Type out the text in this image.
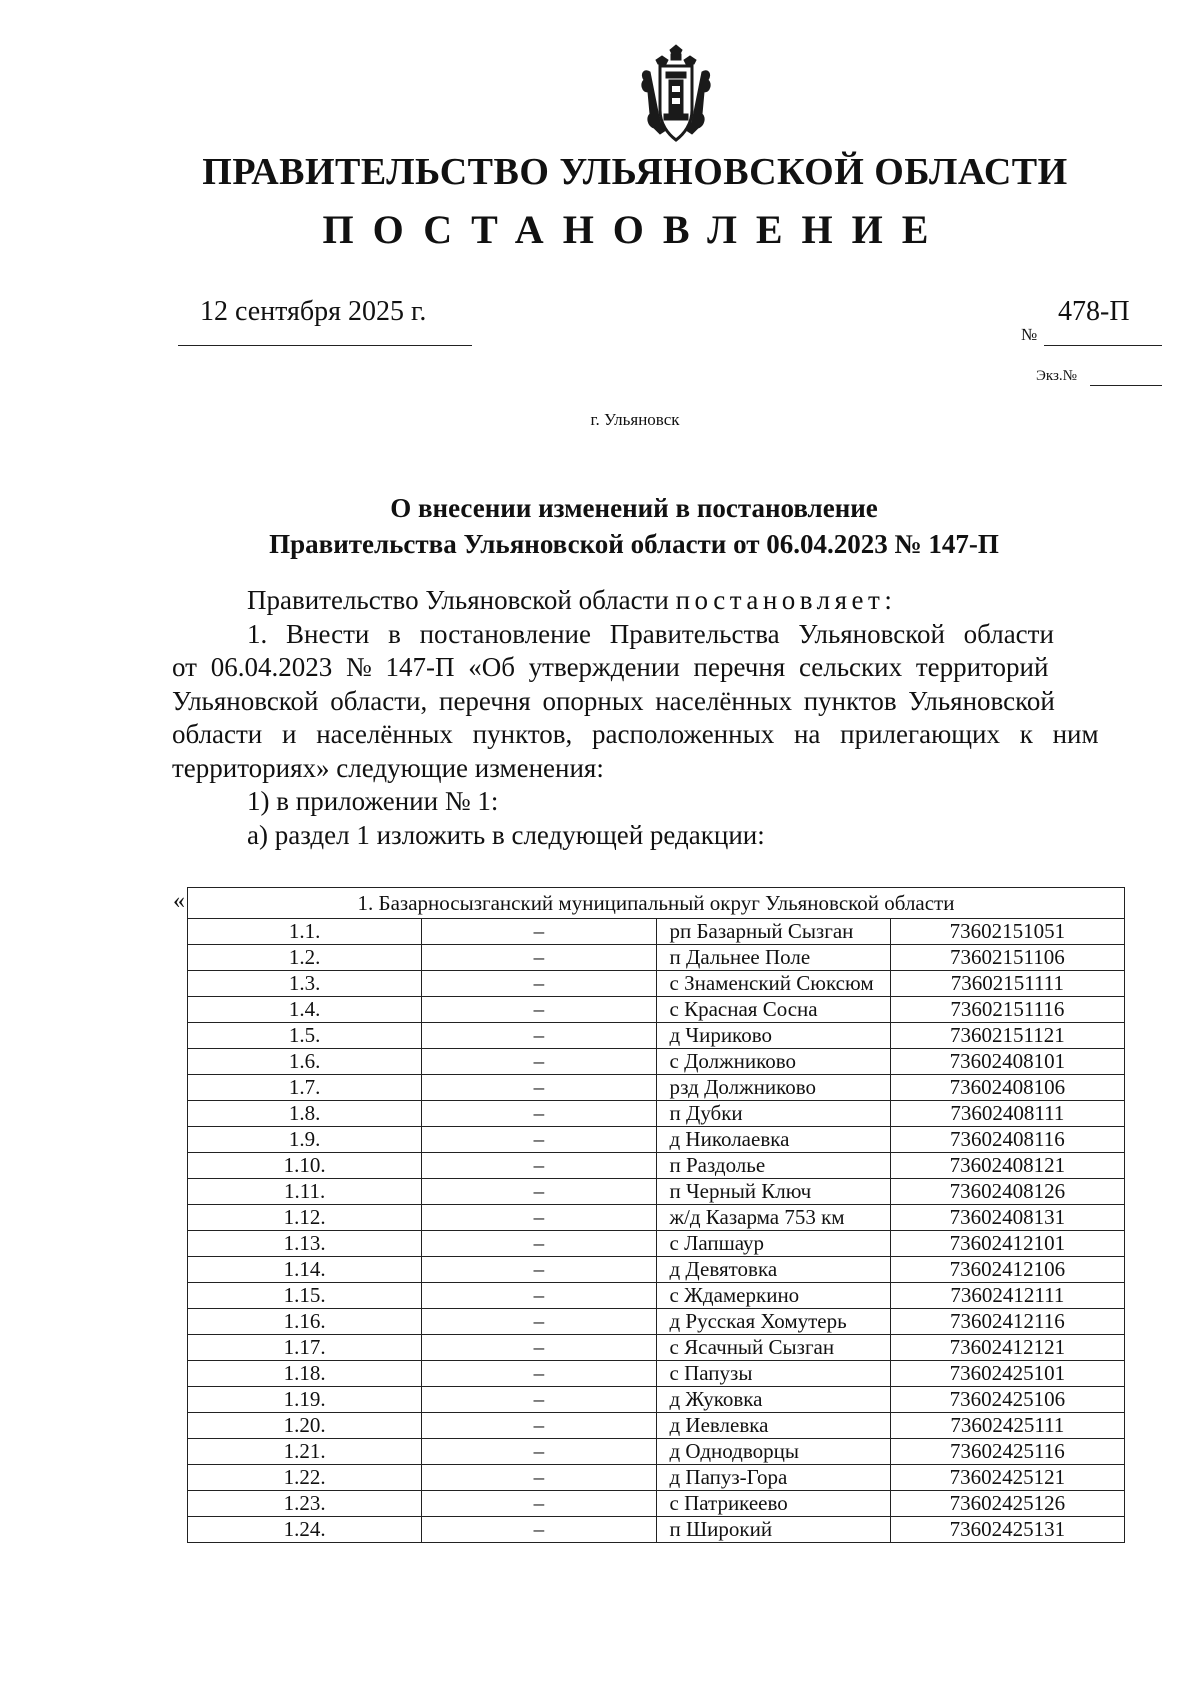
ПРАВИТЕЛЬСТВО УЛЬЯНОВСКОЙ ОБЛАСТИ
ПОСТАНОВЛЕНИЕ
12 сентября 2025 г.	478-П
№
Экз.№
г. Ульяновск
О внесении изменений в постановление
Правительства Ульяновской области от 06.04.2023 № 147-П

Правительство Ульяновской области постановляет:

1. Внести в постановление Правительства Ульяновской области

от 06.04.2023 № 147-П «Об утверждении перечня сельских территорий

Ульяновской области, перечня опорных населённых пунктов Ульяновской

области и населённых пунктов, расположенных на прилегающих к ним

территориях» следующие изменения:

1) в приложении № 1:

а) раздел 1 изложить в следующей редакции:

«	1. Базарносызганский муниципальный округ Ульяновской области			
1.1.	–	рп Базарный Сызган	73602151051
1.2.	–	п Дальнее Поле	73602151106
1.3.	–	с Знаменский Сюксюм	73602151111
1.4.	–	с Красная Сосна	73602151116
1.5.	–	д Чириково	73602151121
1.6.	–	с Должниково	73602408101
1.7.	–	рзд Должниково	73602408106
1.8.	–	п Дубки	73602408111
1.9.	–	д Николаевка	73602408116
1.10.	–	п Раздолье	73602408121
1.11.	–	п Черный Ключ	73602408126
1.12.	–	ж/д Казарма 753 км	73602408131
1.13.	–	с Лапшаур	73602412101
1.14.	–	д Девятовка	73602412106
1.15.	–	с Ждамеркино	73602412111
1.16.	–	д Русская Хомутерь	73602412116
1.17.	–	с Ясачный Сызган	73602412121
1.18.	–	с Папузы	73602425101
1.19.	–	д Жуковка	73602425106
1.20.	–	д Иевлевка	73602425111
1.21.	–	д Однодворцы	73602425116
1.22.	–	д Папуз-Гора	73602425121
1.23.	–	с Патрикеево	73602425126
1.24.	–	п Широкий	73602425131
